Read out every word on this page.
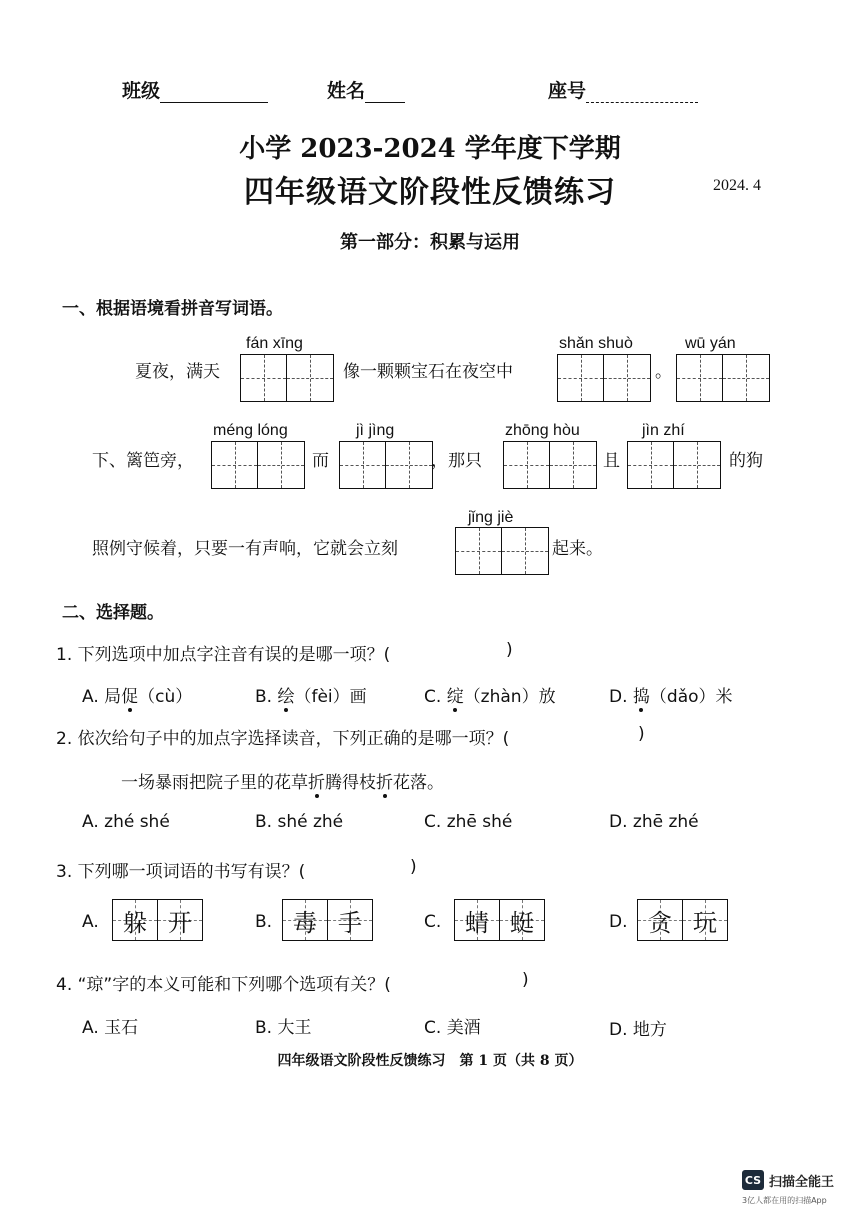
班级	姓名	座号
小学 2023-2024 学年度下学期
四年级语文阶段性反馈练习	2024. 4
第一部分：积累与运用
一、根据语境看拼音写词语。
夏夜，满天
fán xīng
像一颗颗宝石在夜空中
shǎn shuò
。
wū yán
下、篱笆旁，
méng lóng
而
jì jìng
，那只
zhōng hòu
且
jìn zhí
的狗
照例守候着，只要一有声响，它就会立刻
jǐng jiè
起来。
二、选择题。
1. 下列选项中加点字注音有误的是哪一项？(	)
A. 局促（cù）	B. 绘（fèi）画	C. 绽（zhàn）放	D. 捣（dǎo）米
2. 依次给句子中的加点字选择读音，下列正确的是哪一项？(	)
一场暴雨把院子里的花草折腾得枝折花落。
A. zhé shé	B. shé zhé	C. zhē shé	D. zhē zhé
3. 下列哪一项词语的书写有误？(	)
A. 躲 开	B. 毒 手	C. 蜻 蜓	D. 贪 玩
4. “琼”字的本义可能和下列哪个选项有关？(	)
A. 玉石	B. 大王	C. 美酒	D. 地方
四年级语文阶段性反馈练习　第 1 页（共 8 页）
CS 扫描全能王
3亿人都在用的扫描App
